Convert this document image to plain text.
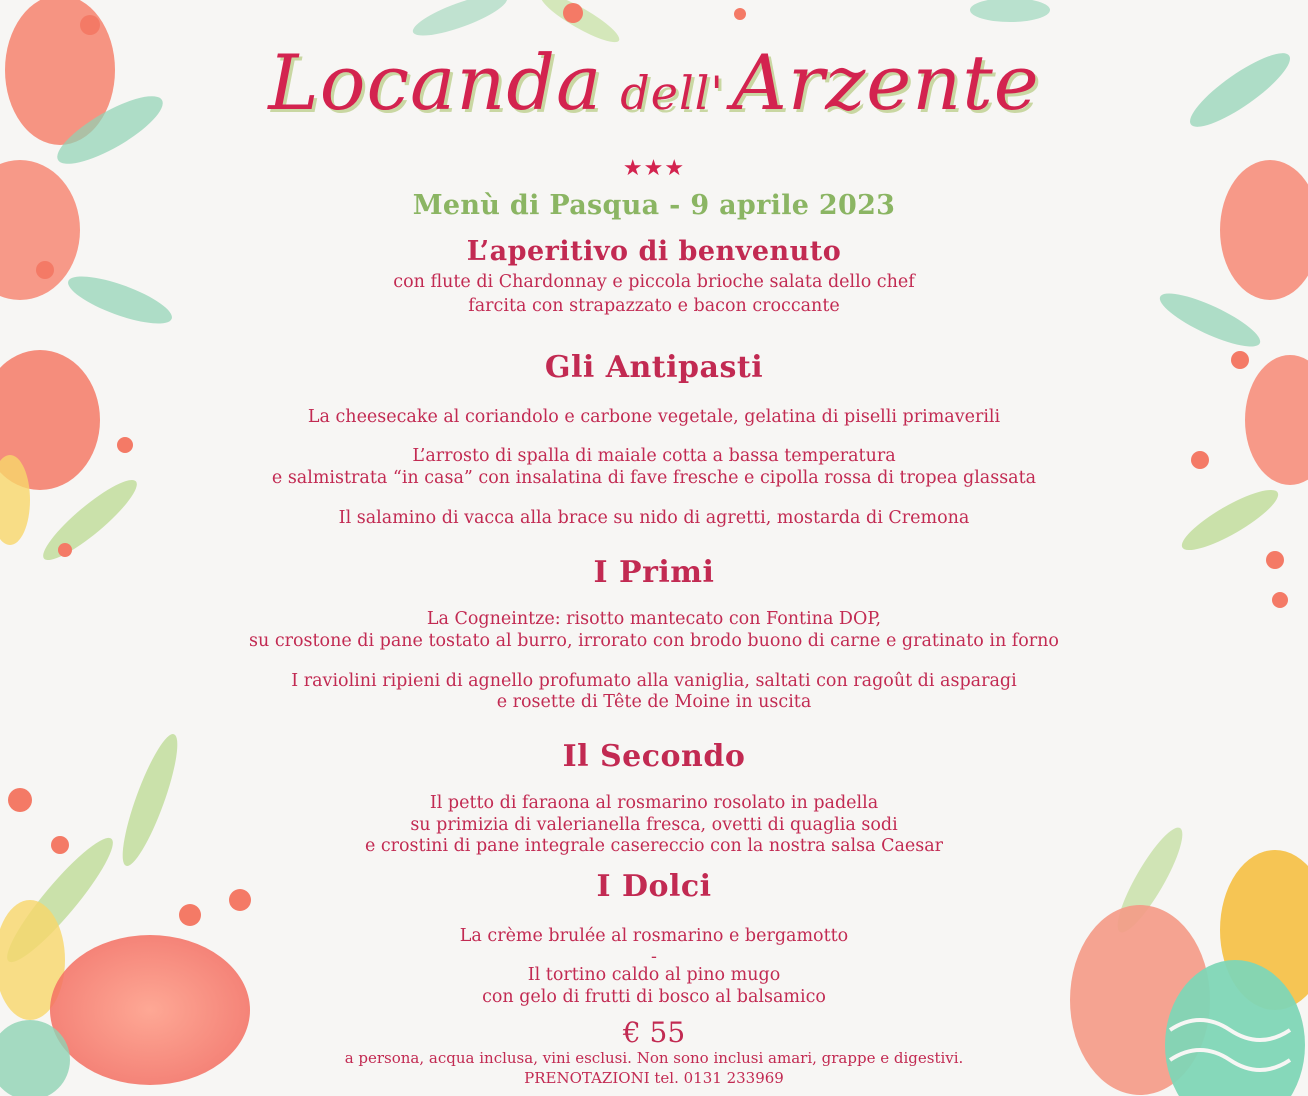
Locanda dell' Arzente
★★★
Menù di Pasqua - 9 aprile 2023
L’aperitivo di benvenuto
con flute di Chardonnay e piccola brioche salata dello chef
farcita con strapazzato e bacon croccante
Gli Antipasti
La cheesecake al coriandolo e carbone vegetale, gelatina di piselli primaverili
L’arrosto di spalla di maiale cotta a bassa temperatura
e salmistrata “in casa” con insalatina di fave fresche e cipolla rossa di tropea glassata
Il salamino di vacca alla brace su nido di agretti, mostarda di Cremona
I Primi
La Cogneintze: risotto mantecato con Fontina DOP,
su crostone di pane tostato al burro, irrorato con brodo buono di carne e gratinato in forno
I raviolini ripieni di agnello profumato alla vaniglia, saltati con ragoût di asparagi
e rosette di Tête de Moine in uscita
Il Secondo
Il petto di faraona al rosmarino rosolato in padella
su primizia di valerianella fresca, ovetti di quaglia sodi
e crostini di pane integrale casereccio con la nostra salsa Caesar
I Dolci
La crème brulée al rosmarino e bergamotto
-
Il tortino caldo al pino mugo
con gelo di frutti di bosco al balsamico
€ 55
a persona, acqua inclusa, vini esclusi. Non sono inclusi amari, grappe e digestivi.
PRENOTAZIONI tel. 0131 233969
